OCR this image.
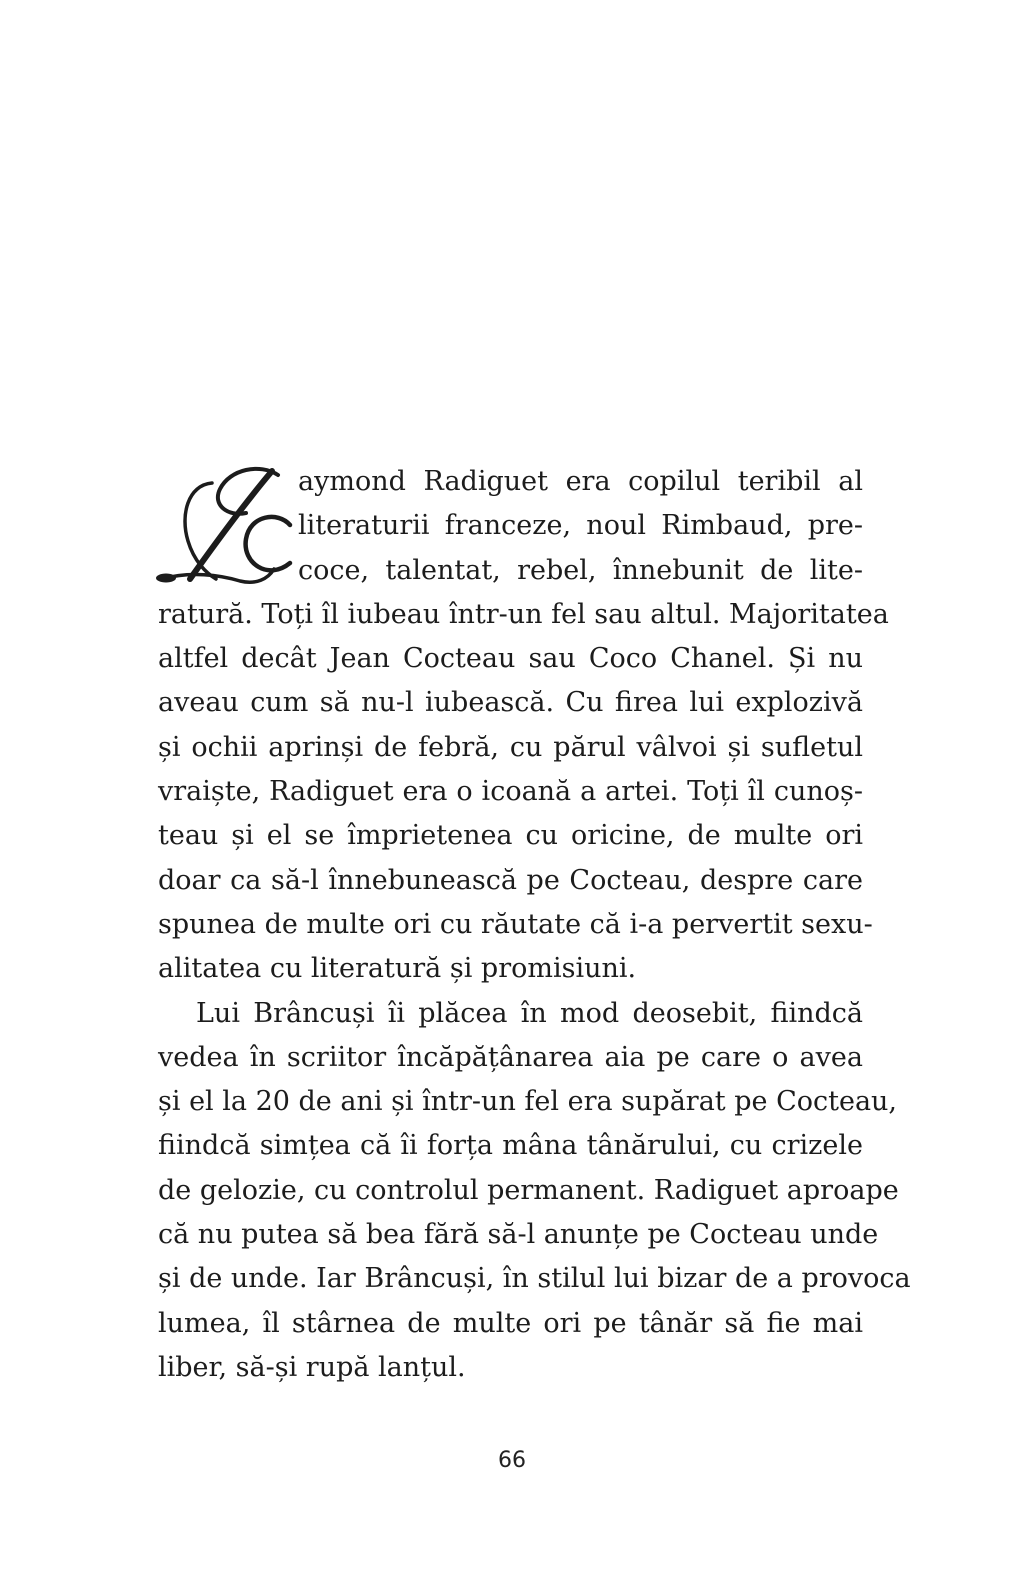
aymond Radiguet era copilul teribil al
literaturii franceze, noul Rimbaud, pre-
coce, talentat, rebel, înnebunit de lite-
ratură. Toți îl iubeau într-un fel sau altul. Majoritatea
altfel decât Jean Cocteau sau Coco Chanel. Și nu
aveau cum să nu-l iubească. Cu firea lui explozivă
și ochii aprinși de febră, cu părul vâlvoi și sufletul
vraiște, Radiguet era o icoană a artei. Toți îl cunoș-
teau și el se împrietenea cu oricine, de multe ori
doar ca să-l înnebunească pe Cocteau, despre care
spunea de multe ori cu răutate că i-a pervertit sexu-
alitatea cu literatură și promisiuni.
Lui Brâncuși îi plăcea în mod deosebit, fiindcă
vedea în scriitor încăpățânarea aia pe care o avea
și el la 20 de ani și într-un fel era supărat pe Cocteau,
fiindcă simțea că îi forța mâna tânărului, cu crizele
de gelozie, cu controlul permanent. Radiguet aproape
că nu putea să bea fără să-l anunțe pe Cocteau unde
și de unde. Iar Brâncuși, în stilul lui bizar de a provoca
lumea, îl stârnea de multe ori pe tânăr să fie mai
liber, să-și rupă lanțul.
66
